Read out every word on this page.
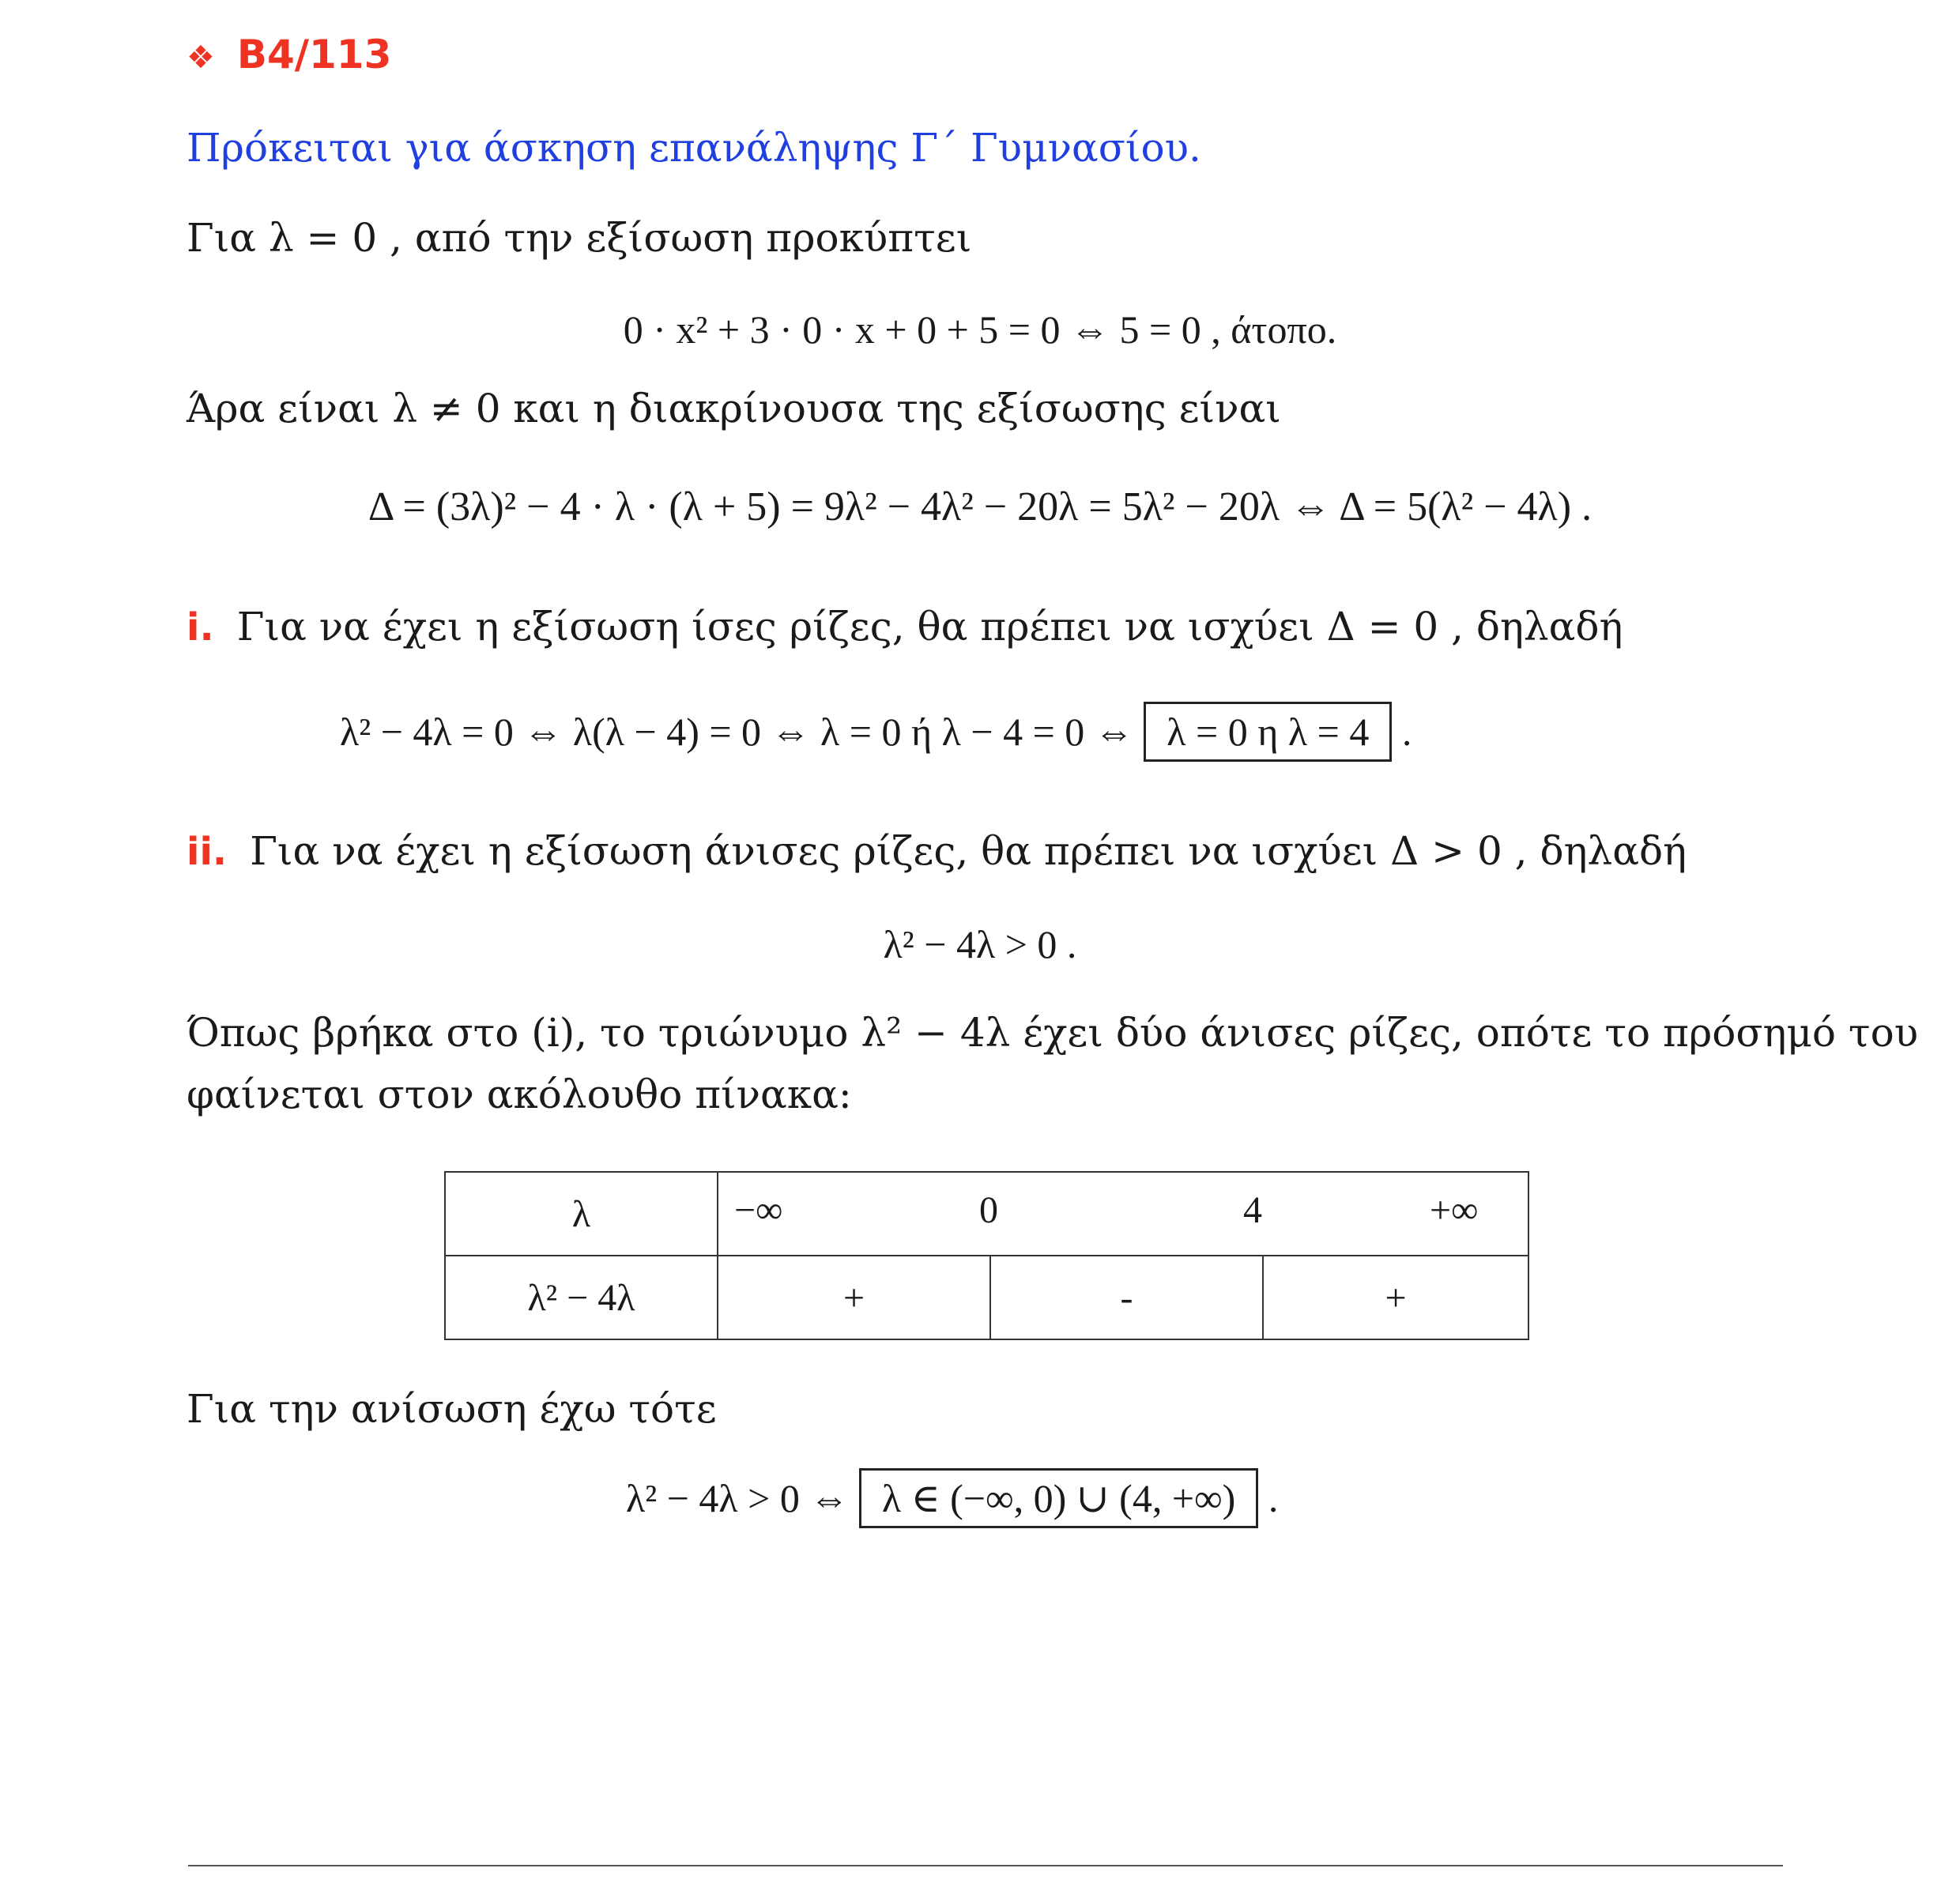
❖ B4/113
Πρόκειται για άσκηση επανάληψης Γ΄ Γυμνασίου.
Για λ = 0 , από την εξίσωση προκύπτει
0 · x² + 3 · 0 · x + 0 + 5 = 0 ⇔ 5 = 0 , άτοπο.
Άρα είναι λ ≠ 0 και η διακρίνουσα της εξίσωσης είναι
Δ = (3λ)² − 4 · λ · (λ + 5) = 9λ² − 4λ² − 20λ = 5λ² − 20λ ⇔ Δ = 5(λ² − 4λ) .
i. Για να έχει η εξίσωση ίσες ρίζες, θα πρέπει να ισχύει Δ = 0 , δηλαδή
λ² − 4λ = 0 ⇔ λ(λ − 4) = 0 ⇔ λ = 0 ή λ − 4 = 0 ⇔ λ = 0 η λ = 4 .
ii. Για να έχει η εξίσωση άνισες ρίζες, θα πρέπει να ισχύει Δ > 0 , δηλαδή
λ² − 4λ > 0 .
Όπως βρήκα στο (i), το τριώνυμο λ² − 4λ έχει δύο άνισες ρίζες, οπότε το πρόσημό του
φαίνεται στον ακόλουθο πίνακα:
λ	−∞ 0 4 +∞		

λ² − 4λ	+	-	+
Για την ανίσωση έχω τότε
λ² − 4λ > 0 ⇔ λ ∈ (−∞, 0) ∪ (4, +∞) .
